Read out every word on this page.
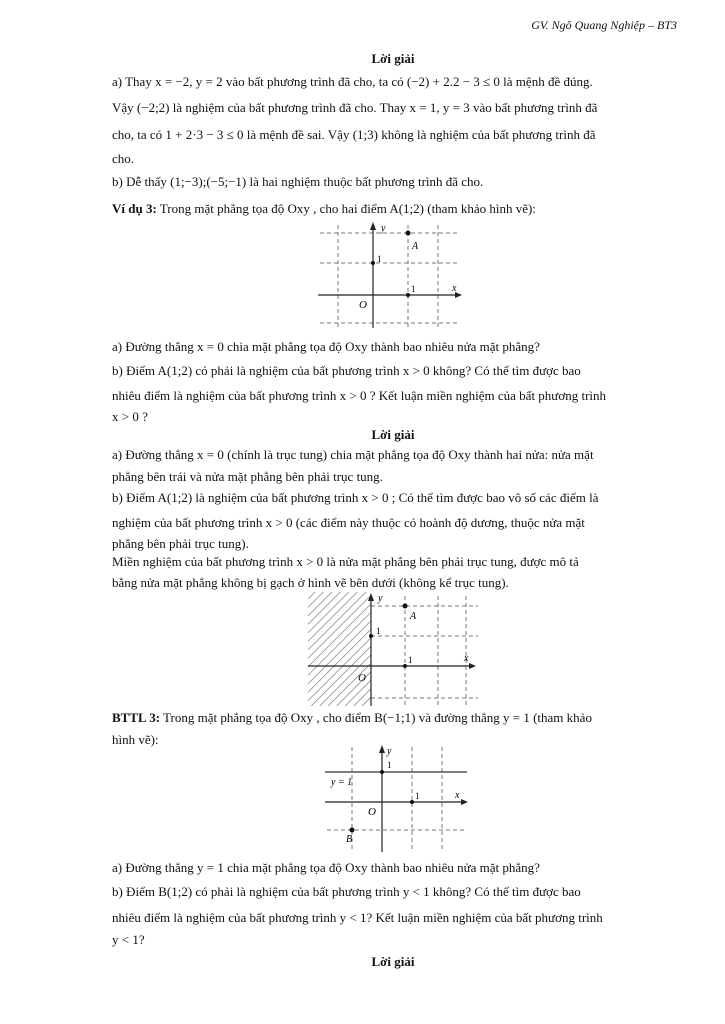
GV. Ngô Quang Nghiệp – BT3
Lời giải
a) Thay x = −2, y = 2 vào bất phương trình đã cho, ta có (−2) + 2.2 − 3 ≤ 0 là mệnh đề đúng.
Vậy (−2;2) là nghiệm của bất phương trình đã cho. Thay x = 1, y = 3 vào bất phương trình đã
cho, ta có 1 + 2·3 − 3 ≤ 0 là mệnh đề sai. Vậy (1;3) không là nghiệm của bất phương trình đã
cho.
b) Dễ thấy (1;−3);(−5;−1) là hai nghiệm thuộc bất phương trình đã cho.
Ví dụ 3: Trong mặt phẳng tọa độ Oxy , cho hai điểm A(1;2) (tham khảo hình vẽ):
y
x
O
1
1
A
a) Đường thẳng x = 0 chia mặt phẳng tọa độ Oxy thành bao nhiêu nửa mặt phẳng?
b) Điểm A(1;2) có phải là nghiệm của bất phương trình x > 0 không? Có thể tìm được bao
nhiêu điểm là nghiệm của bất phương trình x > 0 ? Kết luận miền nghiệm của bất phương trình
x > 0 ?
Lời giải
a) Đường thẳng x = 0 (chính là trục tung) chia mặt phẳng tọa độ Oxy thành hai nửa: nửa mặt
phẳng bên trái và nửa mặt phẳng bên phải trục tung.
b) Điểm A(1;2) là nghiệm của bất phương trình x > 0 ; Có thể tìm được bao vô số các điểm là
nghiệm của bất phương trình x > 0 (các điểm này thuộc có hoành độ dương, thuộc nửa mặt
phẳng bên phải trục tung).
Miền nghiệm của bất phương trình x > 0 là nửa mặt phẳng bên phải trục tung, được mô tả
bằng nửa mặt phẳng không bị gạch ở hình vẽ bên dưới (không kể trục tung).
y
x
O
1
1
A
BTTL 3: Trong mặt phẳng tọa độ Oxy , cho điểm B(−1;1) và đường thẳng y = 1 (tham khảo
hình vẽ):
y
x
O
1
1
B
y = 1
a) Đường thẳng y = 1 chia mặt phẳng tọa độ Oxy thành bao nhiêu nửa mặt phẳng?
b) Điểm B(1;2) có phải là nghiệm của bất phương trình y < 1 không? Có thể tìm được bao
nhiêu điểm là nghiệm của bất phương trình y < 1? Kết luận miền nghiệm của bất phương trình
y < 1?
Lời giải
